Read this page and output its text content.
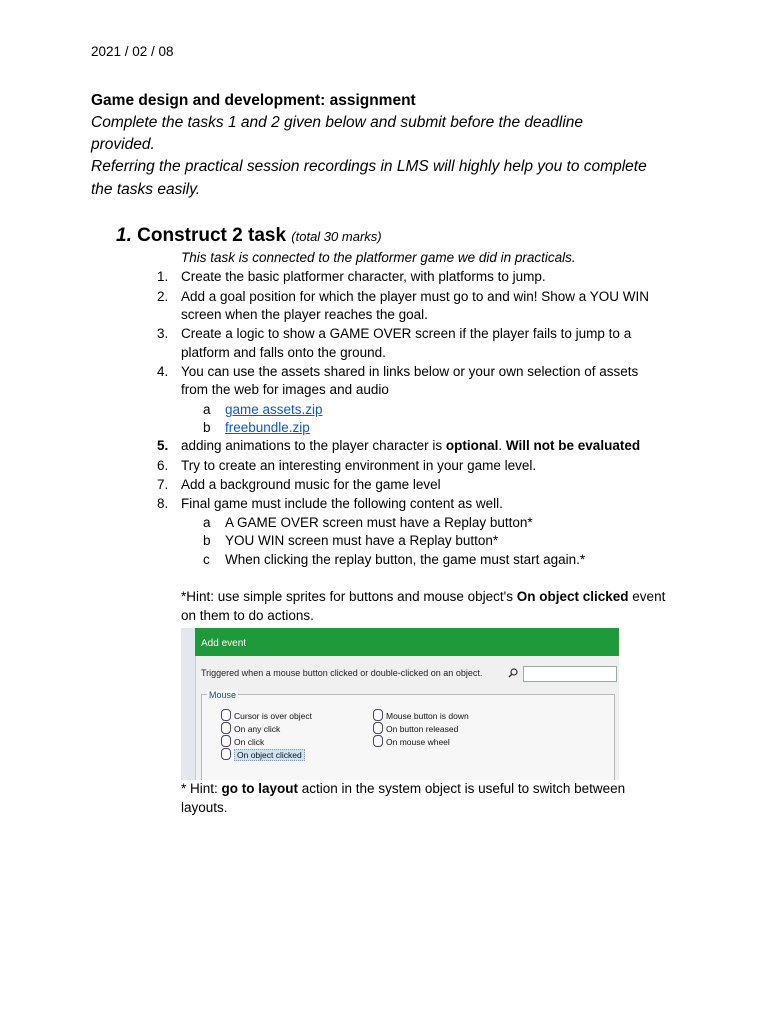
2021 / 02 / 08
Game design and development: assignment
Complete the tasks 1 and 2 given below and submit before the deadline
provided.
Referring the practical session recordings in LMS will highly help you to complete
the tasks easily.
1. Construct 2 task (total 30 marks)
This task is connected to the platformer game we did in practicals.
1. Create the basic platformer character, with platforms to jump.
2. Add a goal position for which the player must go to and win! Show a YOU WIN
screen when the player reaches the goal.
3. Create a logic to show a GAME OVER screen if the player fails to jump to a
platform and falls onto the ground.
4. You can use the assets shared in links below or your own selection of assets
from the web for images and audio
a game assets.zip
b freebundle.zip
5. adding animations to the player character is optional. Will not be evaluated
6. Try to create an interesting environment in your game level.
7. Add a background music for the game level
8. Final game must include the following content as well.
a A GAME OVER screen must have a Replay button*
b YOU WIN screen must have a Replay button*
c When clicking the replay button, the game must start again.*
*Hint: use simple sprites for buttons and mouse object's On object clicked event
on them to do actions.
Add event
Triggered when a mouse button clicked or double-clicked on an object.
Mouse
Cursor is over object
On any click
On click
On object clicked
Mouse button is down
On button released
On mouse wheel
* Hint: go to layout action in the system object is useful to switch between
layouts.
